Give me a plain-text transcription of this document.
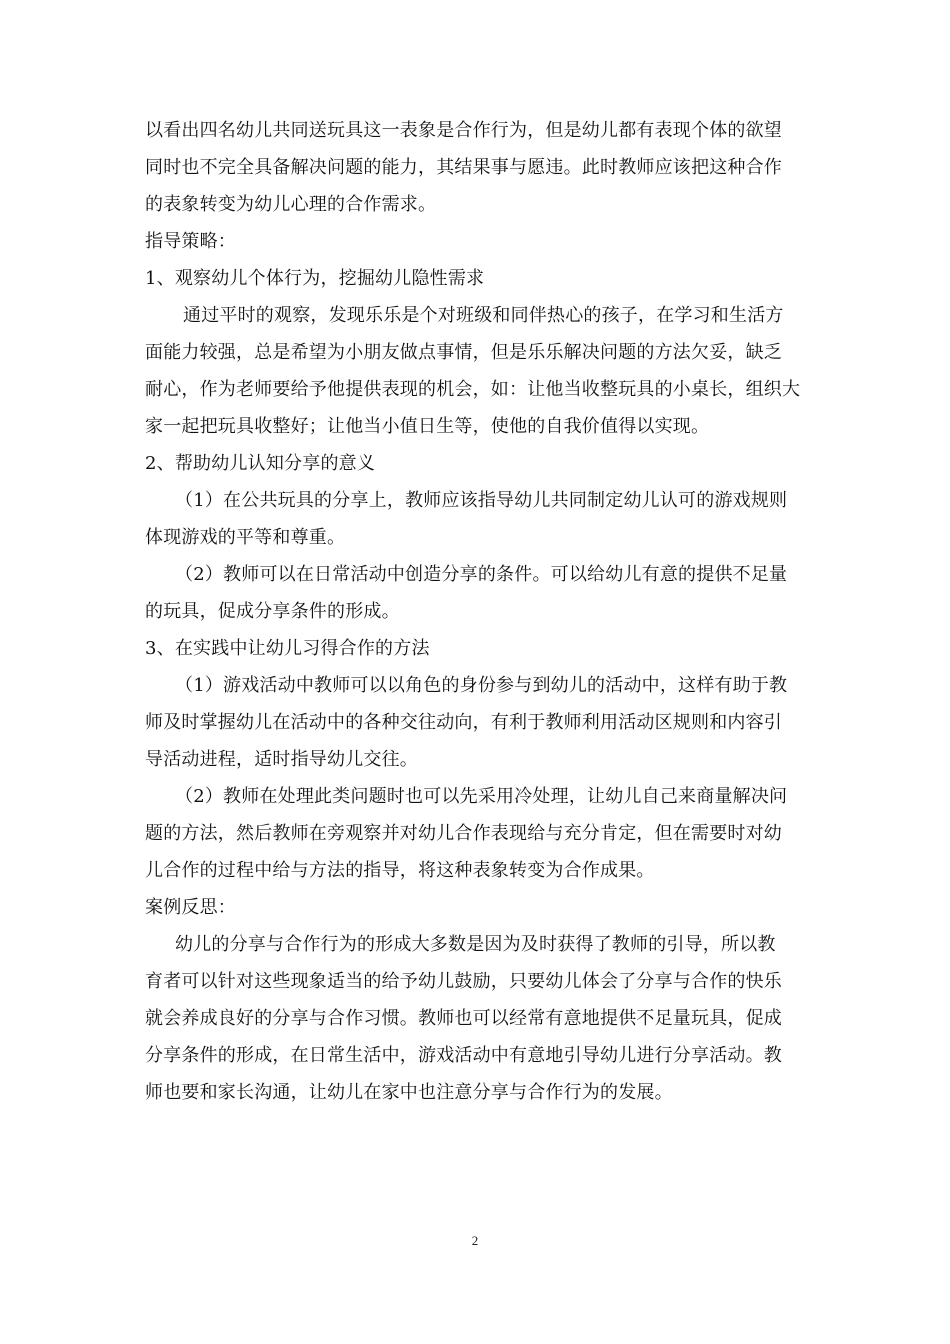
以看出四名幼儿共同送玩具这一表象是合作行为，但是幼儿都有表现个体的欲望
同时也不完全具备解决问题的能力，其结果事与愿违。此时教师应该把这种合作
的表象转变为幼儿心理的合作需求。
指导策略：
1、观察幼儿个体行为，挖掘幼儿隐性需求
通过平时的观察，发现乐乐是个对班级和同伴热心的孩子，在学习和生活方
面能力较强，总是希望为小朋友做点事情，但是乐乐解决问题的方法欠妥，缺乏
耐心，作为老师要给予他提供表现的机会，如：让他当收整玩具的小桌长，组织大
家一起把玩具收整好；让他当小值日生等，使他的自我价值得以实现。
2、帮助幼儿认知分享的意义
（1）在公共玩具的分享上，教师应该指导幼儿共同制定幼儿认可的游戏规则
体现游戏的平等和尊重。
（2）教师可以在日常活动中创造分享的条件。可以给幼儿有意的提供不足量
的玩具，促成分享条件的形成。
3、在实践中让幼儿习得合作的方法
（1）游戏活动中教师可以以角色的身份参与到幼儿的活动中，这样有助于教
师及时掌握幼儿在活动中的各种交往动向，有利于教师利用活动区规则和内容引
导活动进程，适时指导幼儿交往。
（2）教师在处理此类问题时也可以先采用冷处理，让幼儿自己来商量解决问
题的方法，然后教师在旁观察并对幼儿合作表现给与充分肯定，但在需要时对幼
儿合作的过程中给与方法的指导，将这种表象转变为合作成果。
案例反思：
幼儿的分享与合作行为的形成大多数是因为及时获得了教师的引导，所以教
育者可以针对这些现象适当的给予幼儿鼓励，只要幼儿体会了分享与合作的快乐
就会养成良好的分享与合作习惯。教师也可以经常有意地提供不足量玩具，促成
分享条件的形成，在日常生活中，游戏活动中有意地引导幼儿进行分享活动。教
师也要和家长沟通，让幼儿在家中也注意分享与合作行为的发展。
2
